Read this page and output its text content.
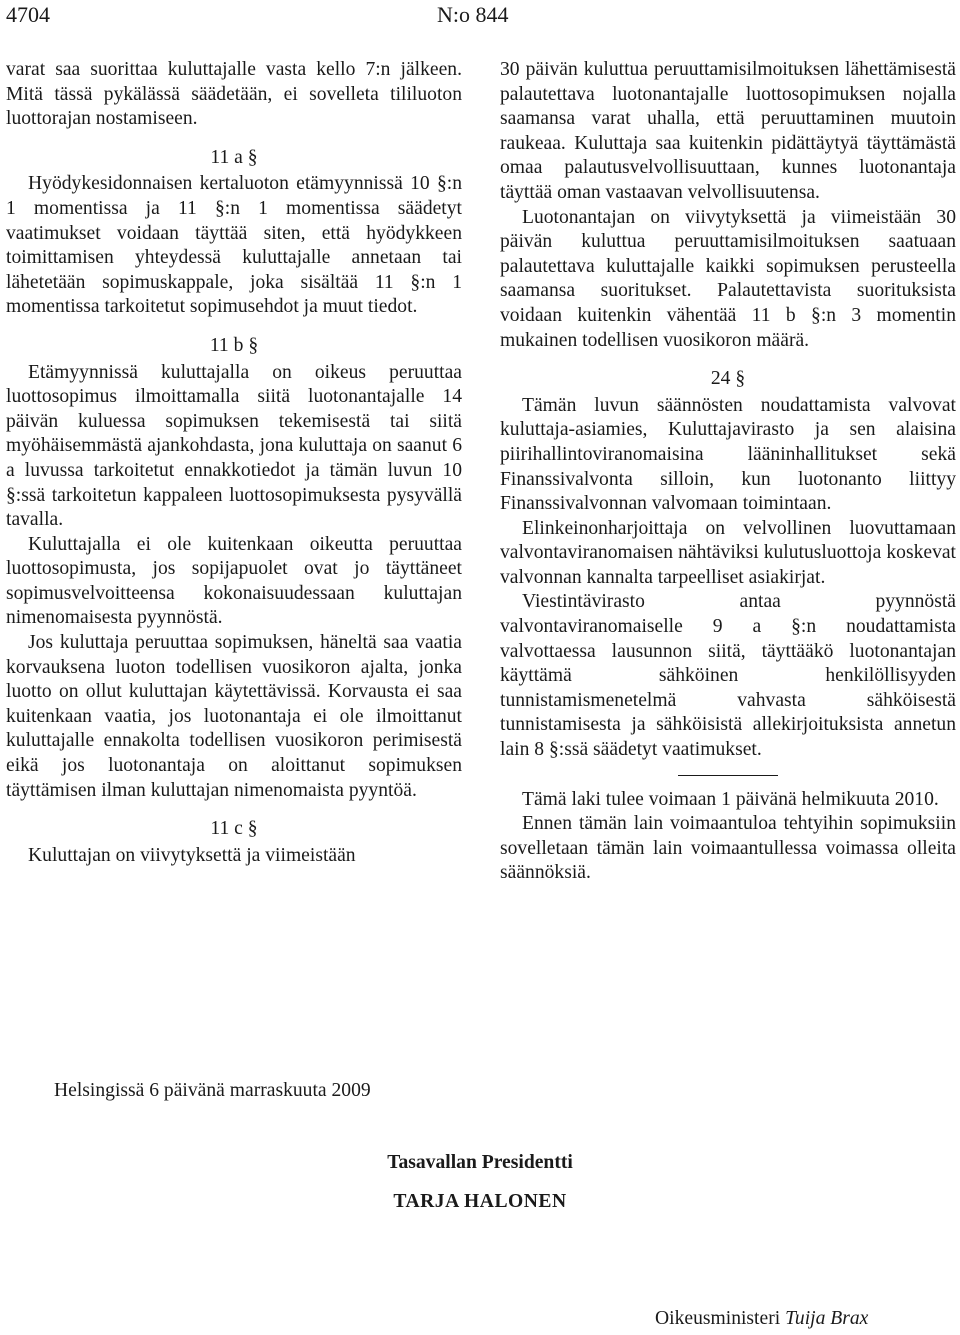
4704	N:o 844

varat saa suorittaa kuluttajalle vasta kello 7:n jälkeen. Mitä tässä pykälässä säädetään, ei sovelleta tililuoton luottorajan nostamiseen.

11 a §

Hyödykesidonnaisen kertaluoton etämyynnissä 10 §:n 1 momentissa ja 11 §:n 1 momentissa säädetyt vaatimukset voidaan täyttää siten, että hyödykkeen toimittamisen yhteydessä kuluttajalle annetaan tai lähetetään sopimuskappale, joka sisältää 11 §:n 1 momentissa tarkoitetut sopimusehdot ja muut tiedot.

11 b §

Etämyynnissä kuluttajalla on oikeus peruuttaa luottosopimus ilmoittamalla siitä luotonantajalle 14 päivän kuluessa sopimuksen tekemisestä tai siitä myöhäisemmästä ajankohdasta, jona kuluttaja on saanut 6 a luvussa tarkoitetut ennakkotiedot ja tämän luvun 10 §:ssä tarkoitetun kappaleen luottosopimuksesta pysyvällä tavalla.

Kuluttajalla ei ole kuitenkaan oikeutta peruuttaa luottosopimusta, jos sopijapuolet ovat jo täyttäneet sopimusvelvoitteensa kokonaisuudessaan kuluttajan nimenomaisesta pyynnöstä.

Jos kuluttaja peruuttaa sopimuksen, häneltä saa vaatia korvauksena luoton todellisen vuosikoron ajalta, jonka luotto on ollut kuluttajan käytettävissä. Korvausta ei saa kuitenkaan vaatia, jos luotonantaja ei ole ilmoittanut kuluttajalle ennakolta todellisen vuosikoron perimisestä eikä jos luotonantaja on aloittanut sopimuksen täyttämisen ilman kuluttajan nimenomaista pyyntöä.

11 c §

Kuluttajan on viivytyksettä ja viimeistään

30 päivän kuluttua peruuttamisilmoituksen lähettämisestä palautettava luotonantajalle luottosopimuksen nojalla saamansa varat uhalla, että peruuttaminen muutoin raukeaa. Kuluttaja saa kuitenkin pidättäytyä täyttämästä omaa palautusvelvollisuuttaan, kunnes luotonantaja täyttää oman vastaavan velvollisuutensa.

Luotonantajan on viivytyksettä ja viimeistään 30 päivän kuluttua peruuttamisilmoituksen saatuaan palautettava kuluttajalle kaikki sopimuksen perusteella saamansa suoritukset. Palautettavista suorituksista voidaan kuitenkin vähentää 11 b §:n 3 momentin mukainen todellisen vuosikoron määrä.

24 §

Tämän luvun säännösten noudattamista valvovat kuluttaja-asiamies, Kuluttajavirasto ja sen alaisina piirihallintoviranomaisina lääninhallitukset sekä Finanssivalvonta silloin, kun luotonanto liittyy Finanssivalvonnan valvomaan toimintaan.

Elinkeinonharjoittaja on velvollinen luovuttamaan valvontaviranomaisen nähtäviksi kulutusluottoja koskevat valvonnan kannalta tarpeelliset asiakirjat.

Viestintävirasto antaa pyynnöstä valvontaviranomaiselle 9 a §:n noudattamista valvottaessa lausunnon siitä, täyttääkö luotonantajan käyttämä sähköinen henkilöllisyyden tunnistamismenetelmä vahvasta sähköisestä tunnistamisesta ja sähköisistä allekirjoituksista annetun lain 8 §:ssä säädetyt vaatimukset.

Tämä laki tulee voimaan 1 päivänä helmikuuta 2010.

Ennen tämän lain voimaantuloa tehtyihin sopimuksiin sovelletaan tämän lain voimaantullessa voimassa olleita säännöksiä.

Helsingissä 6 päivänä marraskuuta 2009
Tasavallan Presidentti
TARJA HALONEN
Oikeusministeri Tuija Brax
